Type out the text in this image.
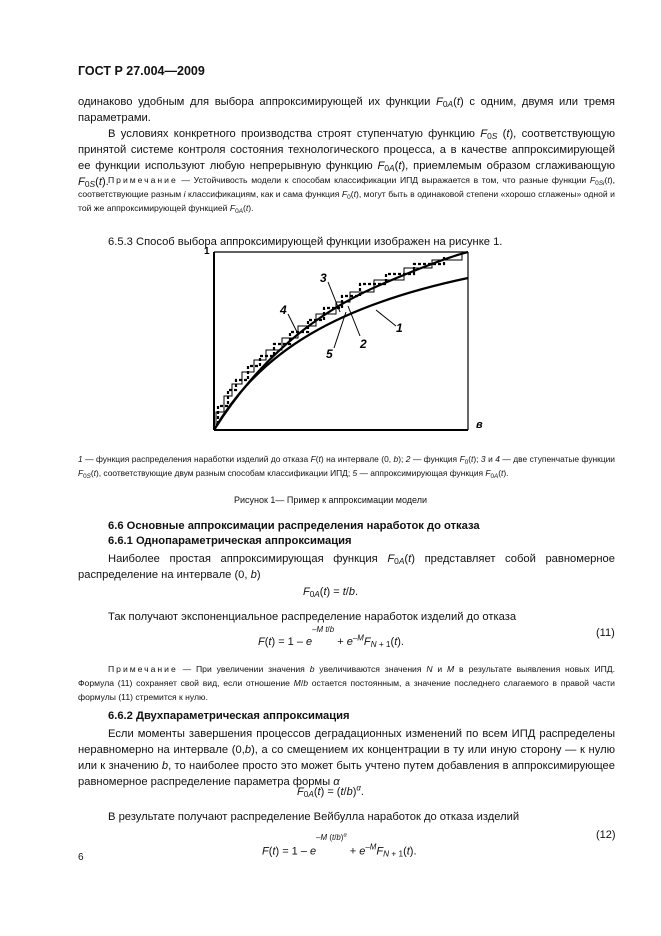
ГОСТ Р 27.004—2009
одинаково удобным для выбора аппроксимирующей их функции $F_{0A}(t)$ с одним, двумя или тремя параметрами.
В условиях конкретного производства строят ступенчатую функцию $F_{0S}$ (t), соответствующую принятой системе контроля состояния технологического процесса, а в качестве аппроксимирующей ее функции используют любую непрерывную функцию $F_{0A}(t)$, приемлемым образом сглаживающую $F_{0S}(t)$. Примечание — Устойчивость модели к способам классификации ИПД выражается в том, что разные функции $F_{0Si}(t)$, соответствующие разным i классификациям, как и сама функция $F_0(t)$, могут быть в одинаковой степени «хорошо сглажены» одной и той же аппроксимирующей функцией $F_{0A}(t)$.
6.5.3 Способ выбора аппроксимирующей функции изображен на рисунке 1.
1
в
3
4
2
5
1
1 — функция распределения наработки изделий до отказа F(t) на интервале (0, b); 2 — функция $F_0(t)$; 3 и 4 — две ступенчатые функции $F_{0S}(t)$, соответствующие двум разным способам классификации ИПД; 5 — аппроксимирующая функция $F_{0A}(t)$.
Рисунок 1— Пример к аппроксимации модели
6.6 Основные аппроксимации распределения наработок до отказа
6.6.1 Однопараметрическая аппроксимация
Наиболее простая аппроксимирующая функция $F_{0A}(t)$ представляет собой равномерное распределение на интервале (0, b)
$F_{0A}(t) = t/b$.
Так получают экспоненциальное распределение наработок изделий до отказа
$F(t) = 1 - e^{-M t/b} + e^{-M}F_{N + 1}(t)$.
(11)
Примечание — При увеличении значения b увеличиваются значения N и M в результате выявления новых ИПД. Формула (11) сохраняет свой вид, если отношение M/b остается постоянным, а значение последнего слагаемого в правой части формулы (11) стремится к нулю.
6.6.2 Двухпараметрическая аппроксимация
Если моменты завершения процессов деградационных изменений по всем ИПД распределены неравномерно на интервале (0,b), а со смещением их концентрации в ту или иную сторону — к нулю или к значению b, то наиболее просто это может быть учтено путем добавления в аппроксимирующее равномерное распределение параметра формы α
$F_{0A}(t) = (t/b)^\alpha$.
В результате получают распределение Вейбулла наработок до отказа изделий
$F(t) = 1 - e^{-M (t/b)^\alpha} + e^{-M}F_{N + 1}(t)$.
(12)
6
